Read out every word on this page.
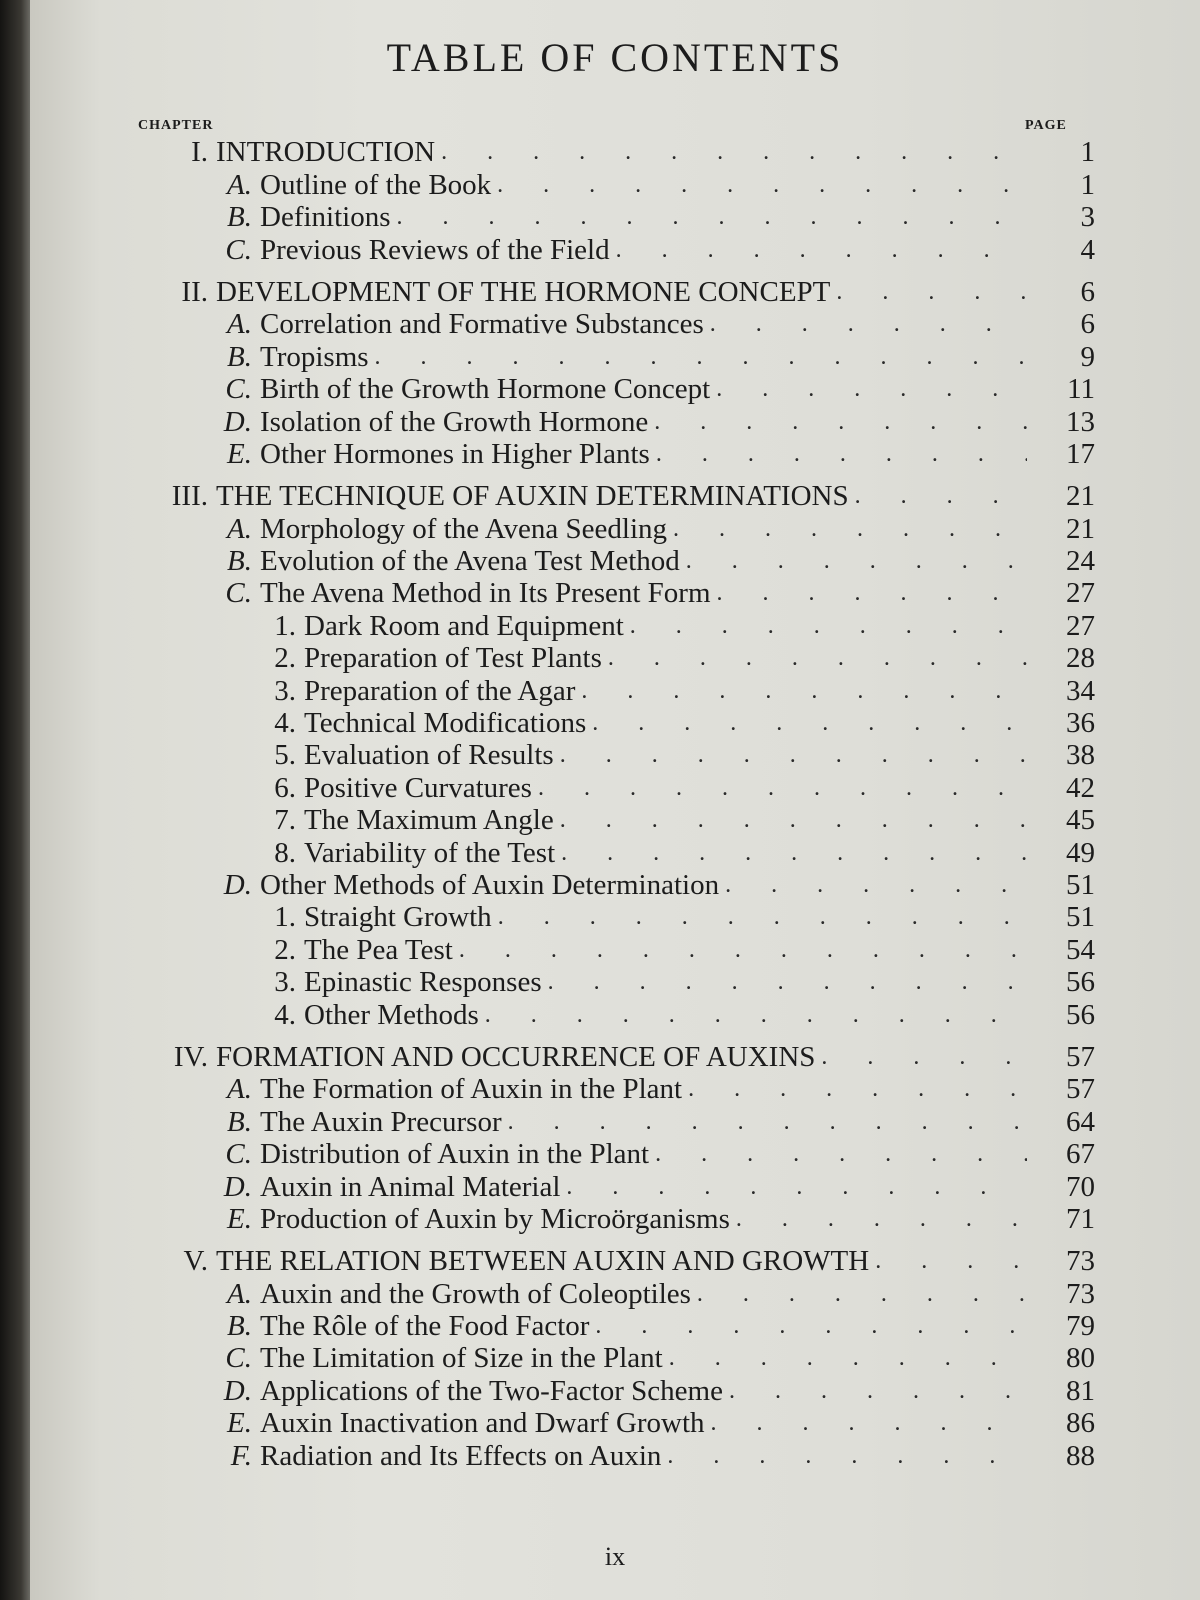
TABLE OF CONTENTS
CHAPTER	PAGE
I. INTRODUCTION . . .	1
A. Outline of the Book . . .	1
B. Definitions . . .	3
C. Previous Reviews of the Field . . .	4
II. DEVELOPMENT OF THE HORMONE CONCEPT . . .	6
A. Correlation and Formative Substances . . .	6
B. Tropisms . . .	9
C. Birth of the Growth Hormone Concept . . .	11
D. Isolation of the Growth Hormone . . .	13
E. Other Hormones in Higher Plants . . .	17
III. THE TECHNIQUE OF AUXIN DETERMINATIONS . . .	21
A. Morphology of the Avena Seedling . . .	21
B. Evolution of the Avena Test Method . . .	24
C. The Avena Method in Its Present Form . . .	27
1. Dark Room and Equipment . . .	27
2. Preparation of Test Plants . . .	28
3. Preparation of the Agar . . .	34
4. Technical Modifications . . .	36
5. Evaluation of Results . . .	38
6. Positive Curvatures . . .	42
7. The Maximum Angle . . .	45
8. Variability of the Test . . .	49
D. Other Methods of Auxin Determination . . .	51
1. Straight Growth . . .	51
2. The Pea Test . . .	54
3. Epinastic Responses . . .	56
4. Other Methods . . .	56
IV. FORMATION AND OCCURRENCE OF AUXINS . . .	57
A. The Formation of Auxin in the Plant . . .	57
B. The Auxin Precursor . . .	64
C. Distribution of Auxin in the Plant . . .	67
D. Auxin in Animal Material . . .	70
E. Production of Auxin by Microörganisms . . .	71
V. THE RELATION BETWEEN AUXIN AND GROWTH . . .	73
A. Auxin and the Growth of Coleoptiles . . .	73
B. The Rôle of the Food Factor . . .	79
C. The Limitation of Size in the Plant . . .	80
D. Applications of the Two-Factor Scheme . . .	81
E. Auxin Inactivation and Dwarf Growth . . .	86
F. Radiation and Its Effects on Auxin . . .	88
ix
